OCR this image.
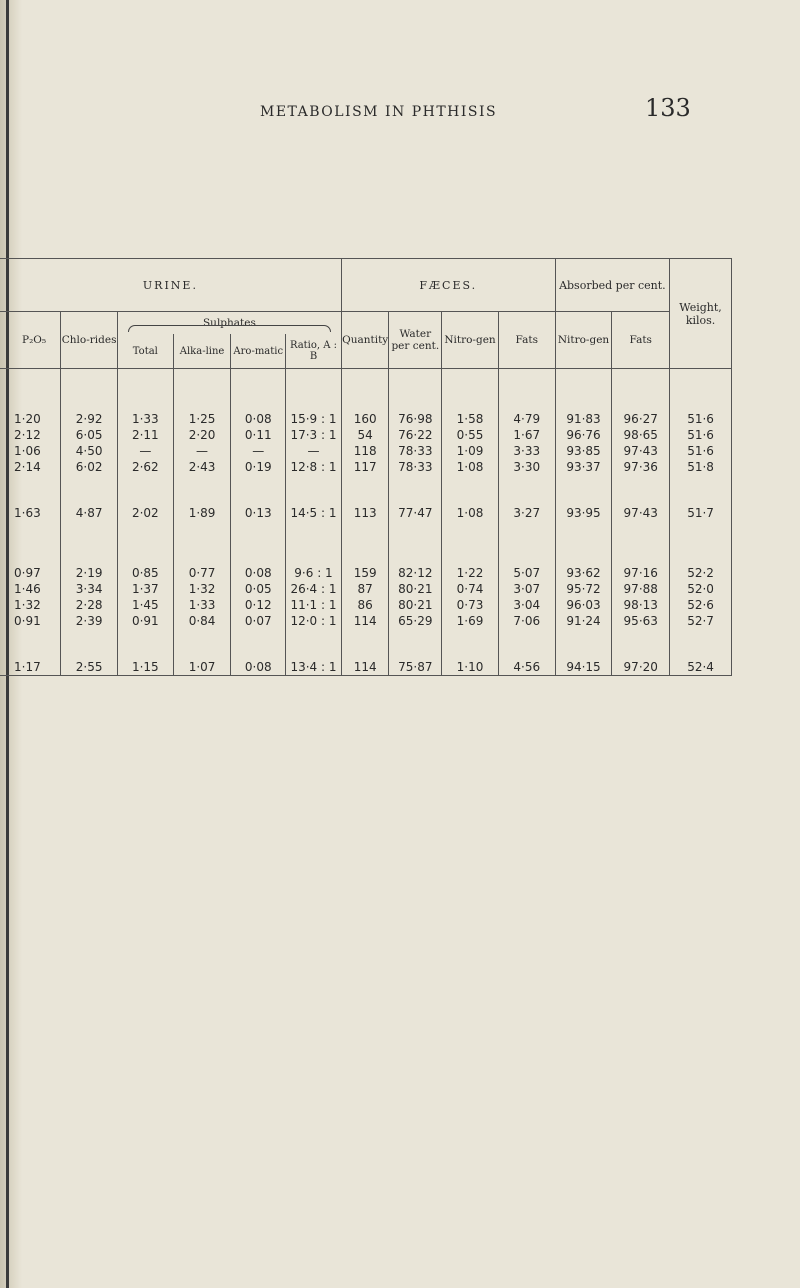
METABOLISM IN PHTHISIS	133
URINE.						FÆCES.				Absorbed per cent.		Weight, kilos.
P₂O₅	Chlo-rides	Sulphates				Quantity	Water per cent.	Nitro-gen	Fats	Nitro-gen	Fats	
		Total	Alka-line	Aro-matic	Ratio, A : B							

1·20	2·92	1·33	1·25	0·08	15·9 : 1	160	76·98	1·58	4·79	91·83	96·27	51·6
2·12	6·05	2·11	2·20	0·11	17·3 : 1	54	76·22	0·55	1·67	96·76	98·65	51·6
1·06	4·50	—	—	—	—	118	78·33	1·09	3·33	93·85	97·43	51·6
2·14	6·02	2·62	2·43	0·19	12·8 : 1	117	78·33	1·08	3·30	93·37	97·36	51·8

1·63	4·87	2·02	1·89	0·13	14·5 : 1	113	77·47	1·08	3·27	93·95	97·43	51·7

0·97	2·19	0·85	0·77	0·08	9·6 : 1	159	82·12	1·22	5·07	93·62	97·16	52·2
1·46	3·34	1·37	1·32	0·05	26·4 : 1	87	80·21	0·74	3·07	95·72	97·88	52·0
1·32	2·28	1·45	1·33	0·12	11·1 : 1	86	80·21	0·73	3·04	96·03	98·13	52·6
0·91	2·39	0·91	0·84	0·07	12·0 : 1	114	65·29	1·69	7·06	91·24	95·63	52·7

1·17	2·55	1·15	1·07	0·08	13·4 : 1	114	75·87	1·10	4·56	94·15	97·20	52·4
